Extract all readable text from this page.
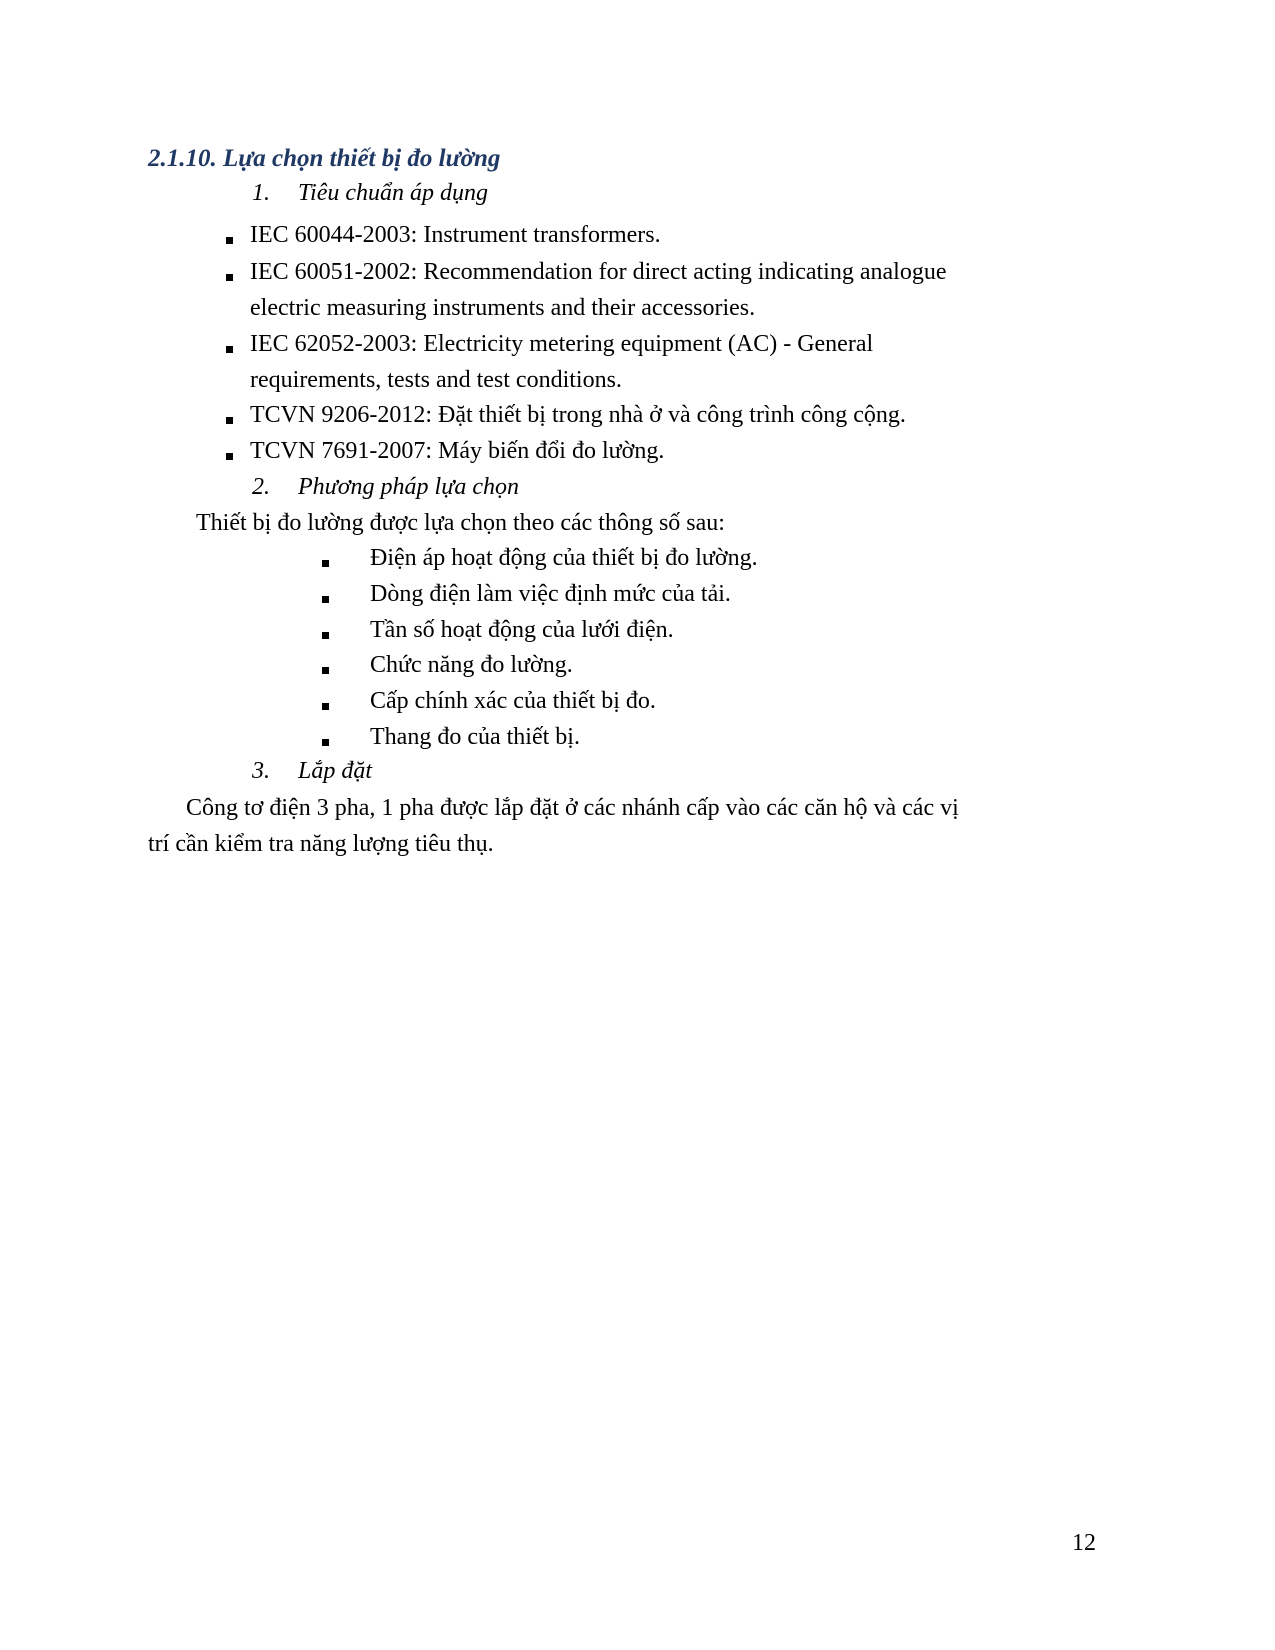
2.1.10. Lựa chọn thiết bị đo lường
1. Tiêu chuẩn áp dụng
IEC 60044-2003: Instrument transformers.
IEC 60051-2002: Recommendation for direct acting indicating analogue
electric measuring instruments and their accessories.
IEC 62052-2003: Electricity metering equipment (AC) - General
requirements, tests and test conditions.
TCVN 9206-2012: Đặt thiết bị trong nhà ở và công trình công cộng.
TCVN 7691-2007: Máy biến đổi đo lường.
2. Phương pháp lựa chọn
Thiết bị đo lường được lựa chọn theo các thông số sau:
Điện áp hoạt động của thiết bị đo lường.
Dòng điện làm việc định mức của tải.
Tần số hoạt động của lưới điện.
Chức năng đo lường.
Cấp chính xác của thiết bị đo.
Thang đo của thiết bị.
3. Lắp đặt
Công tơ điện 3 pha, 1 pha được lắp đặt ở các nhánh cấp vào các căn hộ và các vị
trí cần kiểm tra năng lượng tiêu thụ.
12
